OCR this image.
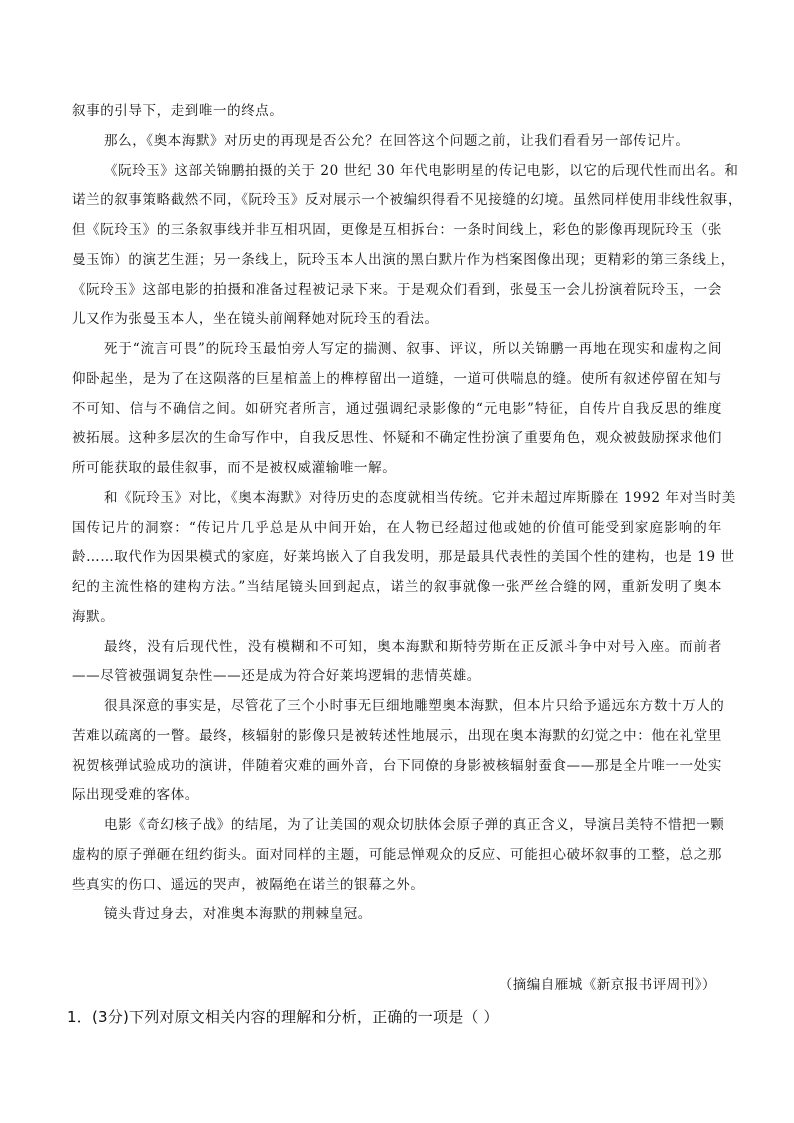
叙事的引导下，走到唯一的终点。
那么，《奥本海默》对历史的再现是否公允？在回答这个问题之前，让我们看看另一部传记片。
《阮玲玉》这部关锦鹏拍摄的关于 20 世纪 30 年代电影明星的传记电影，以它的后现代性而出名。和
诺兰的叙事策略截然不同，《阮玲玉》反对展示一个被编织得看不见接缝的幻境。虽然同样使用非线性叙事，
但《阮玲玉》的三条叙事线并非互相巩固，更像是互相拆台：一条时间线上，彩色的影像再现阮玲玉（张
曼玉饰）的演艺生涯；另一条线上，阮玲玉本人出演的黑白默片作为档案图像出现；更精彩的第三条线上，
《阮玲玉》这部电影的拍摄和准备过程被记录下来。于是观众们看到，张曼玉一会儿扮演着阮玲玉，一会
儿又作为张曼玉本人，坐在镜头前阐释她对阮玲玉的看法。
死于“流言可畏”的阮玲玉最怕旁人写定的揣测、叙事、评议，所以关锦鹏一再地在现实和虚构之间
仰卧起坐，是为了在这陨落的巨星棺盖上的榫椁留出一道缝，一道可供喘息的缝。使所有叙述停留在知与
不可知、信与不确信之间。如研究者所言，通过强调纪录影像的“元电影”特征，自传片自我反思的维度
被拓展。这种多层次的生命写作中，自我反思性、怀疑和不确定性扮演了重要角色，观众被鼓励探求他们
所可能获取的最佳叙事，而不是被权威灌输唯一解。
和《阮玲玉》对比，《奥本海默》对待历史的态度就相当传统。它并未超过库斯滕在 1992 年对当时美
国传记片的洞察：“传记片几乎总是从中间开始，在人物已经超过他或她的价值可能受到家庭影响的年
龄……取代作为因果模式的家庭，好莱坞嵌入了自我发明，那是最具代表性的美国个性的建构，也是 19 世
纪的主流性格的建构方法。”当结尾镜头回到起点，诺兰的叙事就像一张严丝合缝的网，重新发明了奥本
海默。
最终，没有后现代性，没有模糊和不可知，奥本海默和斯特劳斯在正反派斗争中对号入座。而前者
——尽管被强调复杂性——还是成为符合好莱坞逻辑的悲情英雄。
很具深意的事实是，尽管花了三个小时事无巨细地雕塑奥本海默，但本片只给予遥远东方数十万人的
苦难以疏离的一瞥。最终，核辐射的影像只是被转述性地展示，出现在奥本海默的幻觉之中：他在礼堂里
祝贺核弹试验成功的演讲，伴随着灾难的画外音，台下同僚的身影被核辐射蚕食——那是全片唯一一处实
际出现受难的客体。
电影《奇幻核子战》的结尾，为了让美国的观众切肤体会原子弹的真正含义，导演吕美特不惜把一颗
虚构的原子弹砸在纽约街头。面对同样的主题，可能忌惮观众的反应、可能担心破坏叙事的工整，总之那
些真实的伤口、遥远的哭声，被隔绝在诺兰的银幕之外。
镜头背过身去，对准奥本海默的荆棘皇冠。
（摘编自雁城《新京报书评周刊》）
1．(3分)下列对原文相关内容的理解和分析，正确的一项是（ ）
